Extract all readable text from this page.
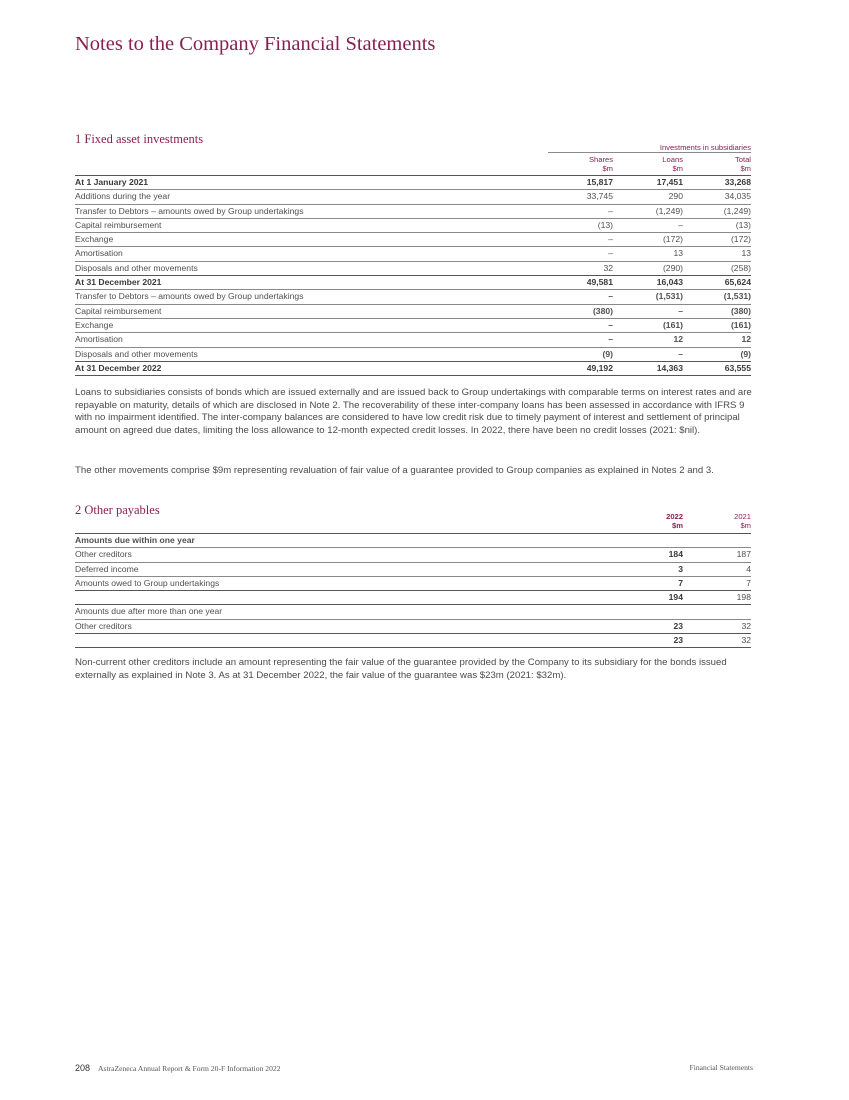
Notes to the Company Financial Statements
1 Fixed asset investments
Investments in subsidiaries
Shares
$m
Loans
$m
Total
$m
At 1 January 2021	15,817	17,451	33,268
Additions during the year	33,745	290	34,035
Transfer to Debtors – amounts owed by Group undertakings	–	(1,249)	(1,249)
Capital reimbursement	(13)	–	(13)
Exchange	–	(172)	(172)
Amortisation	–	13	13
Disposals and other movements	32	(290)	(258)
At 31 December 2021	49,581	16,043	65,624
Transfer to Debtors – amounts owed by Group undertakings	–	(1,531)	(1,531)
Capital reimbursement	(380)	–	(380)
Exchange	–	(161)	(161)
Amortisation	–	12	12
Disposals and other movements	(9)	–	(9)
At 31 December 2022	49,192	14,363	63,555

Loans to subsidiaries consists of bonds which are issued externally and are issued back to Group undertakings with comparable terms on interest rates and are repayable on maturity, details of which are disclosed in Note 2. The recoverability of these inter-company loans has been assessed in accordance with IFRS 9 with no impairment identified. The inter-company balances are considered to have low credit risk due to timely payment of interest and settlement of principal amount on agreed due dates, limiting the loss allowance to 12-month expected credit losses. In 2022, there have been no credit losses (2021: $nil).

The other movements comprise $9m representing revaluation of fair value of a guarantee provided to Group companies as explained in Notes 2 and 3.

2 Other payables	2022
$m
2021
$m
Amounts due within one year		
Other creditors	184	187
Deferred income	3	4
Amounts owed to Group undertakings	7	7
	194	198
Amounts due after more than one year		
Other creditors	23	32
	23	32

Non-current other creditors include an amount representing the fair value of the guarantee provided by the Company to its subsidiary for the bonds issued externally as explained in Note 3. As at 31 December 2022, the fair value of the guarantee was $23m (2021: $32m).

208 AstraZeneca Annual Report & Form 20-F Information 2022	Financial Statements
